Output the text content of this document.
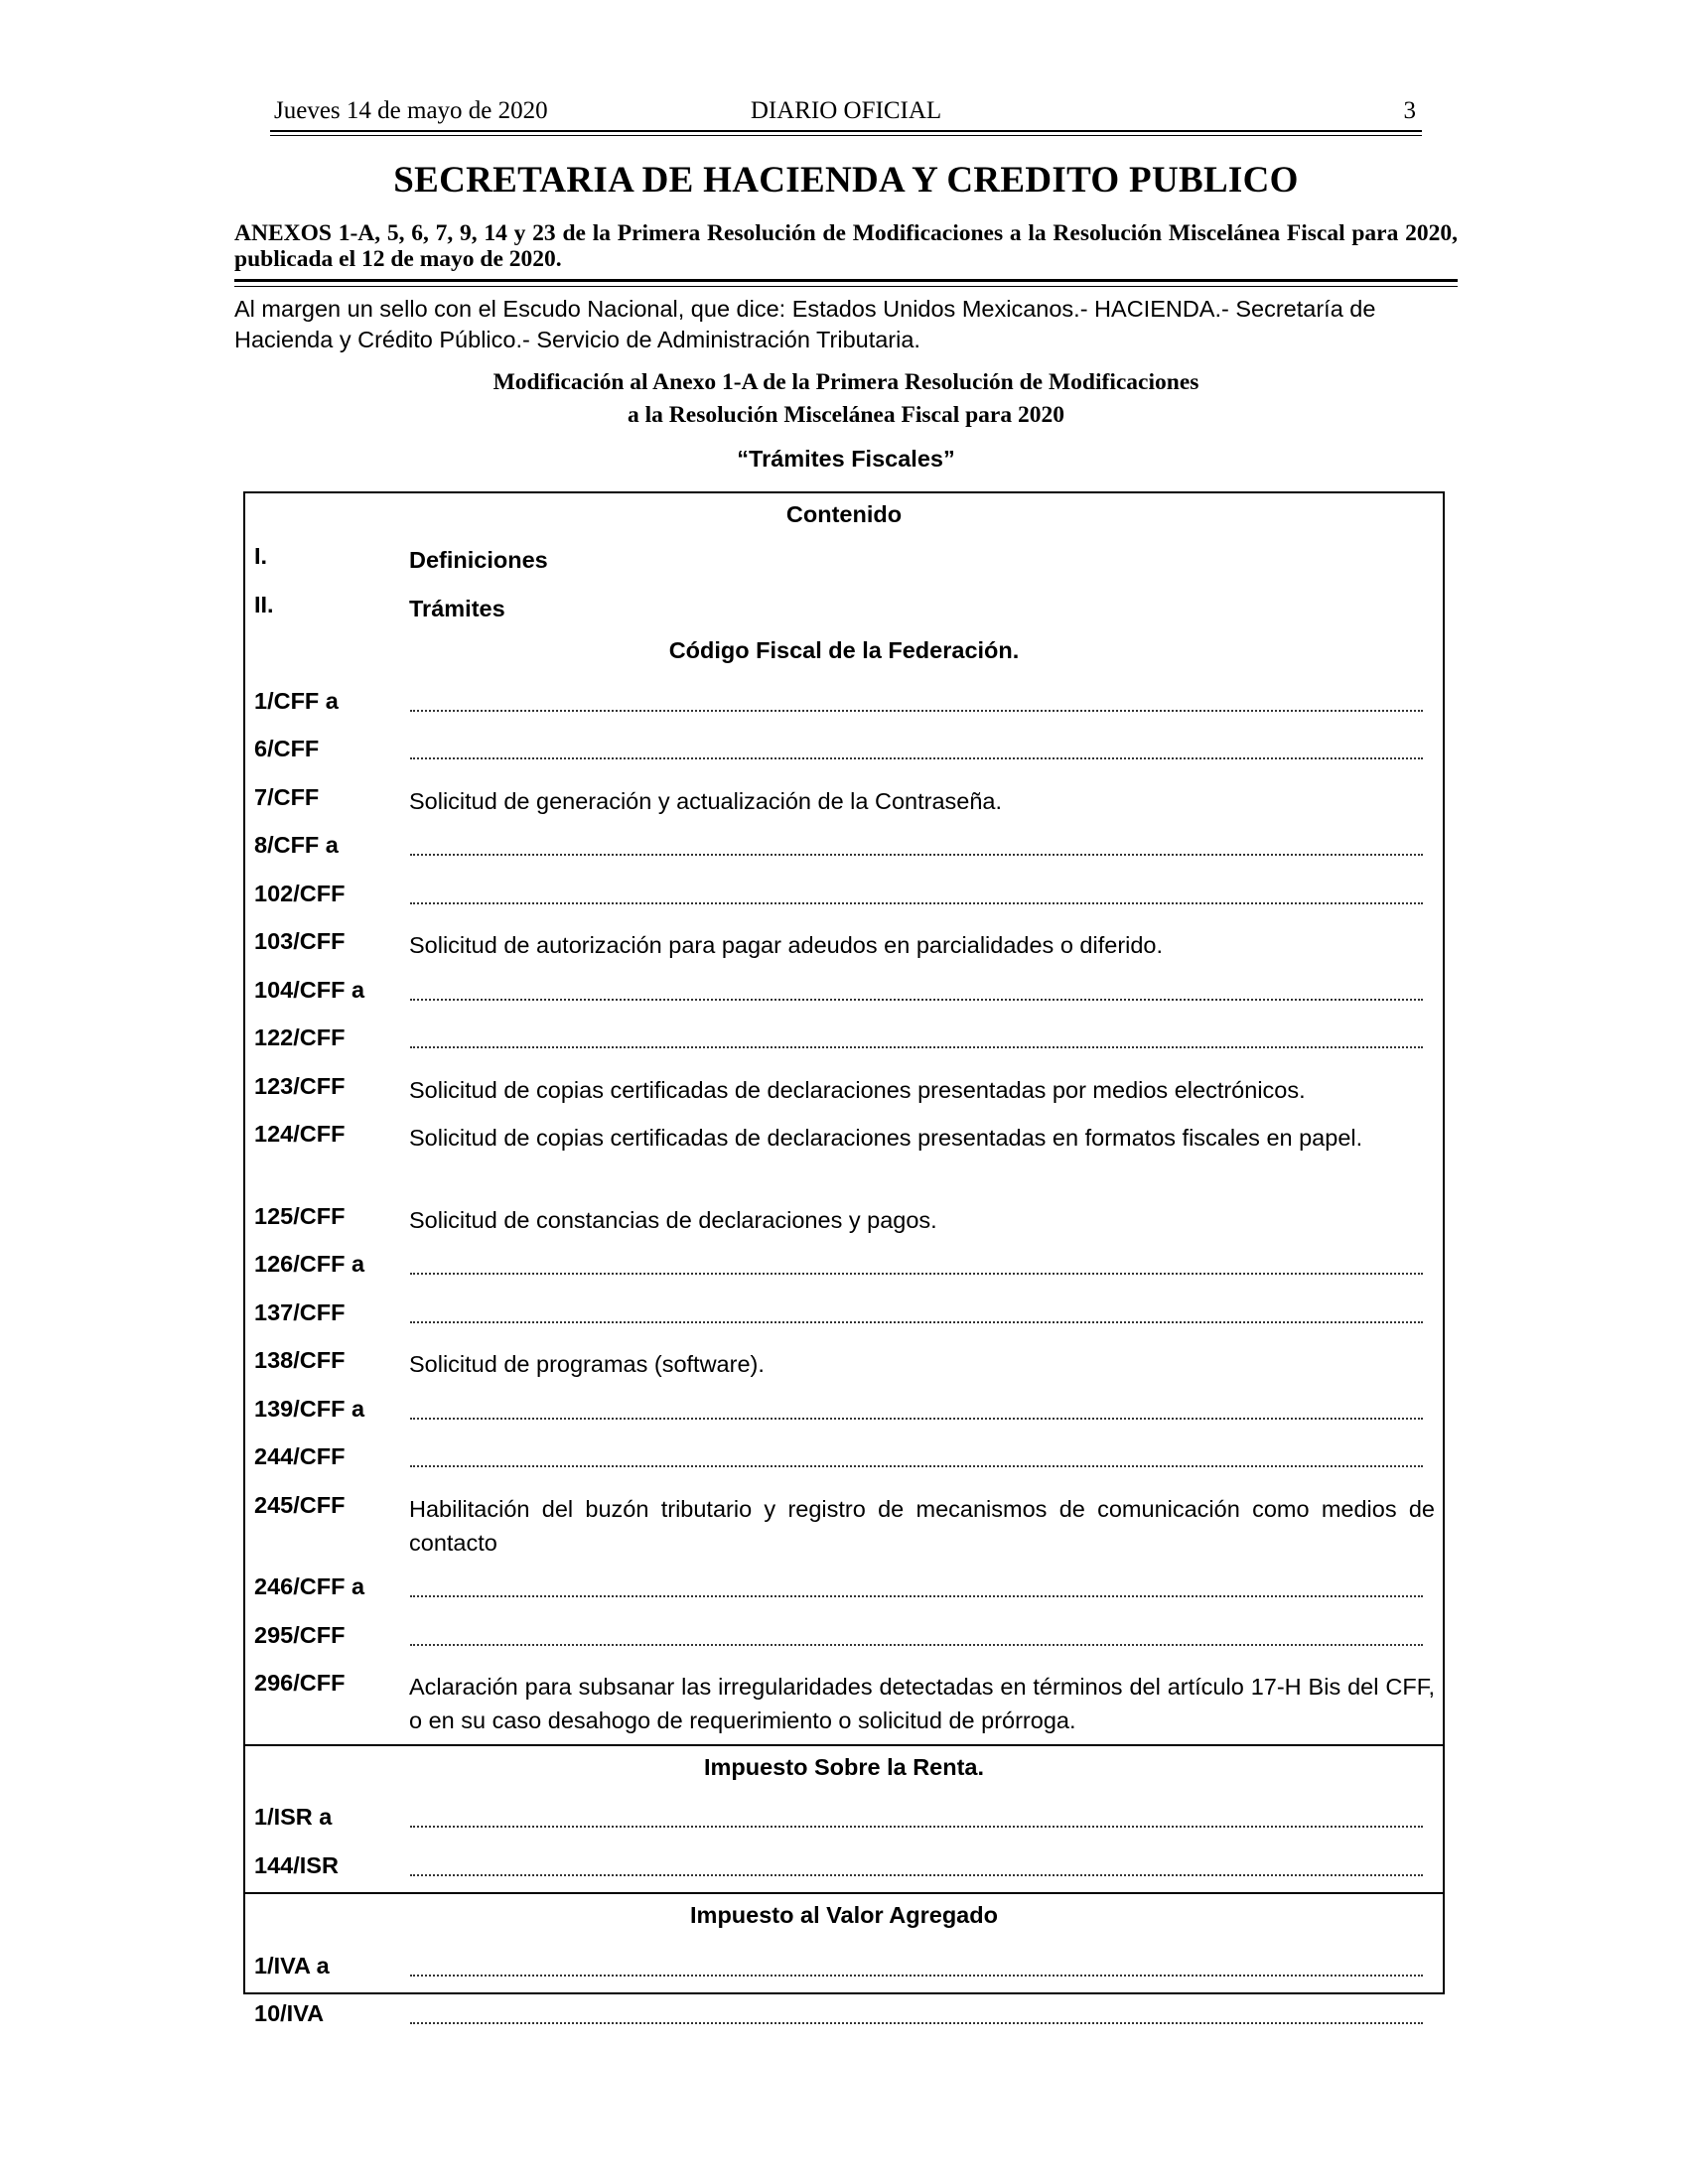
Jueves 14 de mayo de 2020	DIARIO OFICIAL	3
SECRETARIA DE HACIENDA Y CREDITO PUBLICO
ANEXOS 1-A, 5, 6, 7, 9, 14 y 23 de la Primera Resolución de Modificaciones a la Resolución Miscelánea Fiscal para 2020, publicada el 12 de mayo de 2020.
Al margen un sello con el Escudo Nacional, que dice: Estados Unidos Mexicanos.- HACIENDA.- Secretaría de Hacienda y Crédito Público.- Servicio de Administración Tributaria.
Modificación al Anexo 1-A de la Primera Resolución de Modificaciones
a la Resolución Miscelánea Fiscal para 2020
“Trámites Fiscales”
Contenido
I.	Definiciones
II.	Trámites
Código Fiscal de la Federación.
1/CFF a
6/CFF
7/CFF	Solicitud de generación y actualización de la Contraseña.
8/CFF a
102/CFF
103/CFF	Solicitud de autorización para pagar adeudos en parcialidades o diferido.
104/CFF a
122/CFF
123/CFF	Solicitud de copias certificadas de declaraciones presentadas por medios electrónicos.
124/CFF	Solicitud de copias certificadas de declaraciones presentadas en formatos fiscales en papel.
125/CFF	Solicitud de constancias de declaraciones y pagos.
126/CFF a
137/CFF
138/CFF	Solicitud de programas (software).
139/CFF a
244/CFF
245/CFF	Habilitación del buzón tributario y registro de mecanismos de comunicación como medios de contacto
246/CFF a
295/CFF
296/CFF	Aclaración para subsanar las irregularidades detectadas en términos del artículo 17-H Bis del CFF, o en su caso desahogo de requerimiento o solicitud de prórroga.
Impuesto Sobre la Renta.
1/ISR a
144/ISR
Impuesto al Valor Agregado
1/IVA a
10/IVA
